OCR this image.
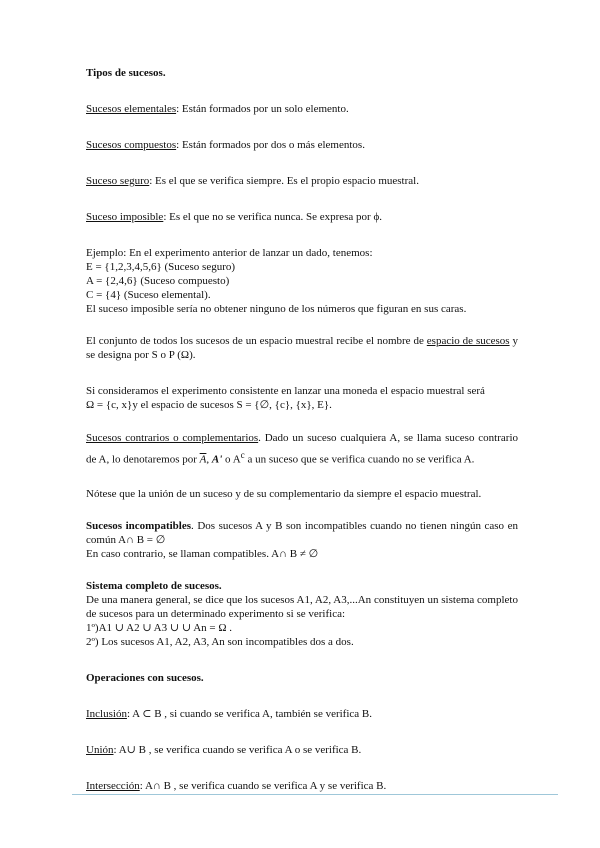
Tipos de sucesos.

Sucesos elementales: Están formados por un solo elemento.

Sucesos compuestos: Están formados por dos o más elementos.

Suceso seguro: Es el que se verifica siempre. Es el propio espacio muestral.

Suceso imposible: Es el que no se verifica nunca. Se expresa por ϕ.

Ejemplo: En el experimento anterior de lanzar un dado, tenemos:

E = {1,2,3,4,5,6} (Suceso seguro)

A = {2,4,6} (Suceso compuesto)

C = {4} (Suceso elemental).

El suceso imposible sería no obtener ninguno de los números que figuran en sus caras.

El conjunto de todos los sucesos de un espacio muestral recibe el nombre de espacio de sucesos y se designa por S o P (Ω).

Si consideramos el experimento consistente en lanzar una moneda el espacio muestral será

Ω = {c, x}y el espacio de sucesos S = {∅, {c}, {x}, E}.

Sucesos contrarios o complementarios. Dado un suceso cualquiera A, se llama suceso contrario de A, lo denotaremos por $\overline{A}$, A' o $A^c$ a un suceso que se verifica cuando no se verifica A.

Nótese que la unión de un suceso y de su complementario da siempre el espacio muestral.

Sucesos incompatibles. Dos sucesos A y B son incompatibles cuando no tienen ningún caso en común A∩ B = ∅

En caso contrario, se llaman compatibles. A∩ B ≠ ∅

Sistema completo de sucesos.

De una manera general, se dice que los sucesos A1, A2, A3,...An constituyen un sistema completo de sucesos para un determinado experimento si se verifica:

1º)A1 ∪ A2 ∪ A3 ∪ ∪ An = Ω .

2º) Los sucesos A1, A2, A3, An son incompatibles dos a dos.

Operaciones con sucesos.

Inclusión: A ⊂ B , si cuando se verifica A, también se verifica B.

Unión: A∪ B , se verifica cuando se verifica A o se verifica B.

Intersección: A∩ B , se verifica cuando se verifica A y se verifica B.
